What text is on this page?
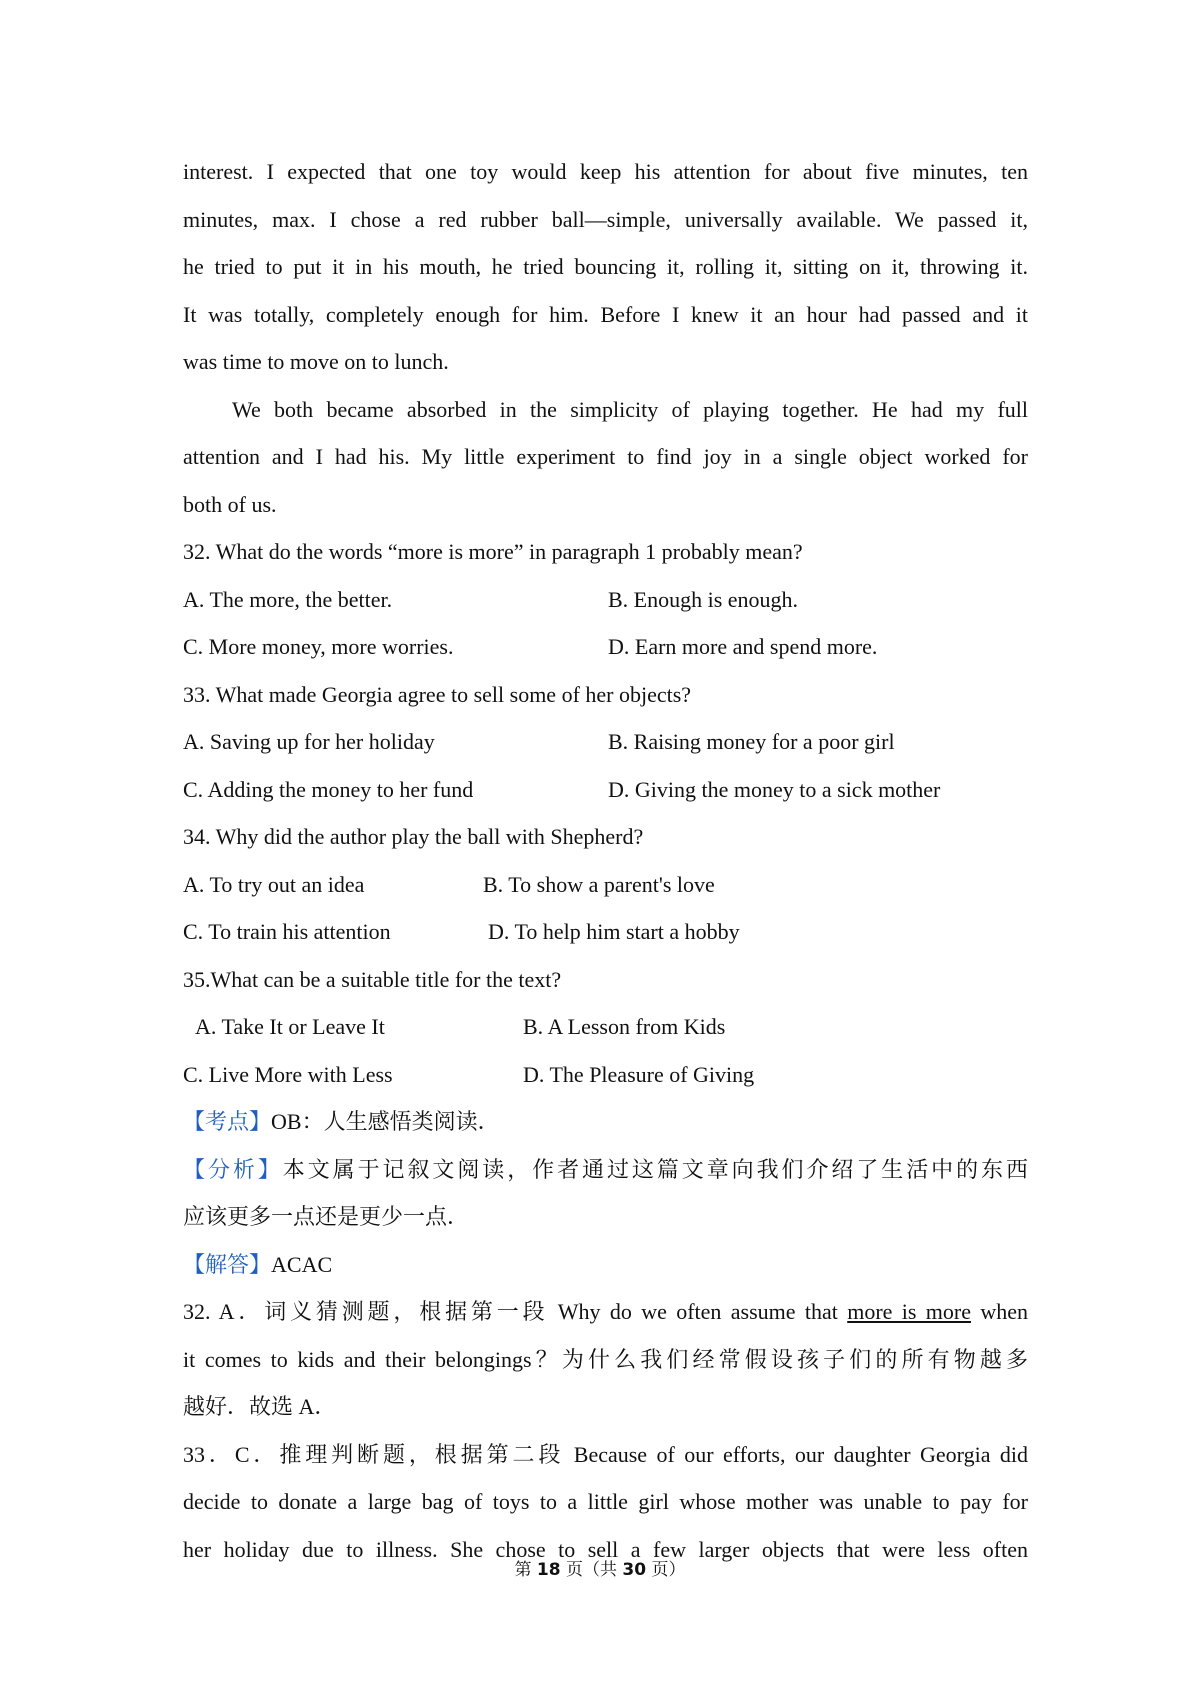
interest. I expected that one toy would keep his attention for about five minutes, ten
minutes, max. I chose a red rubber ball—simple, universally available. We passed it,
he tried to put it in his mouth, he tried bouncing it, rolling it, sitting on it, throwing it.
It was totally, completely enough for him. Before I knew it an hour had passed and it
was time to move on to lunch.
We both became absorbed in the simplicity of playing together. He had my full
attention and I had his. My little experiment to find joy in a single object worked for
both of us.
32. What do the words “more is more” in paragraph 1 probably mean?
A. The more, the better.	B. Enough is enough.
C. More money, more worries.	D. Earn more and spend more.
33. What made Georgia agree to sell some of her objects?
A. Saving up for her holiday	B. Raising money for a poor girl
C. Adding the money to her fund	D. Giving the money to a sick mother
34. Why did the author play the ball with Shepherd?
A. To try out an idea	B. To show a parent's love
C. To train his attention	D. To help him start a hobby
35.What can be a suitable title for the text?
A. Take It or Leave It	B. A Lesson from Kids
C. Live More with Less	D. The Pleasure of Giving
【考点】OB：人生感悟类阅读．
【分析】本文属于记叙文阅读，作者通过这篇文章向我们介绍了生活中的东西
应该更多一点还是更少一点．
【解答】ACAC
32. A．词义猜测题，根据第一段 Why do we often assume that more is more when
it comes to kids and their belongings？为什么我们经常假设孩子们的所有物越多
越好．故选 A．
33．C．推理判断题，根据第二段 Because of our efforts, our daughter Georgia did
decide to donate a large bag of toys to a little girl whose mother was unable to pay for
her holiday due to illness. She chose to sell a few larger objects that were less often
第 18 页（共 30 页）
